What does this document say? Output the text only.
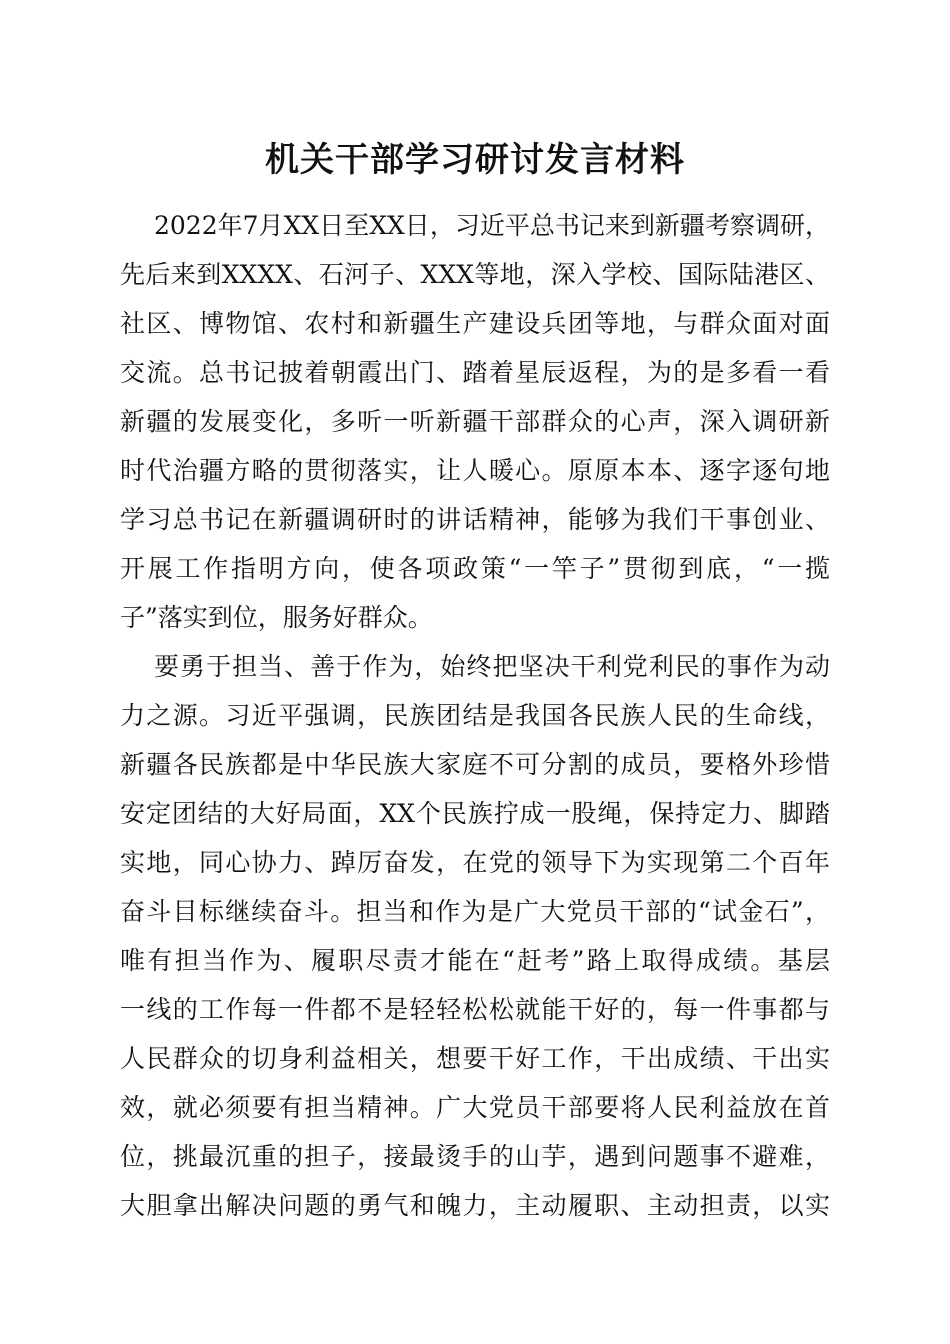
机关干部学习研讨发言材料
2022年7月XX日至XX日，习近平总书记来到新疆考察调研，
先后来到XXXX、石河子、XXX等地，深入学校、国际陆港区、
社区、博物馆、农村和新疆生产建设兵团等地，与群众面对面
交流。总书记披着朝霞出门、踏着星辰返程，为的是多看一看
新疆的发展变化，多听一听新疆干部群众的心声，深入调研新
时代治疆方略的贯彻落实，让人暖心。原原本本、逐字逐句地
学习总书记在新疆调研时的讲话精神，能够为我们干事创业、
开展工作指明方向，使各项政策“一竿子”贯彻到底，“一揽
子”落实到位，服务好群众。
要勇于担当、善于作为，始终把坚决干利党利民的事作为动
力之源。习近平强调，民族团结是我国各民族人民的生命线，
新疆各民族都是中华民族大家庭不可分割的成员，要格外珍惜
安定团结的大好局面，XX个民族拧成一股绳，保持定力、脚踏
实地，同心协力、踔厉奋发，在党的领导下为实现第二个百年
奋斗目标继续奋斗。担当和作为是广大党员干部的“试金石”，
唯有担当作为、履职尽责才能在“赶考”路上取得成绩。基层
一线的工作每一件都不是轻轻松松就能干好的，每一件事都与
人民群众的切身利益相关，想要干好工作，干出成绩、干出实
效，就必须要有担当精神。广大党员干部要将人民利益放在首
位，挑最沉重的担子，接最烫手的山芋，遇到问题事不避难，
大胆拿出解决问题的勇气和魄力，主动履职、主动担责，以实
